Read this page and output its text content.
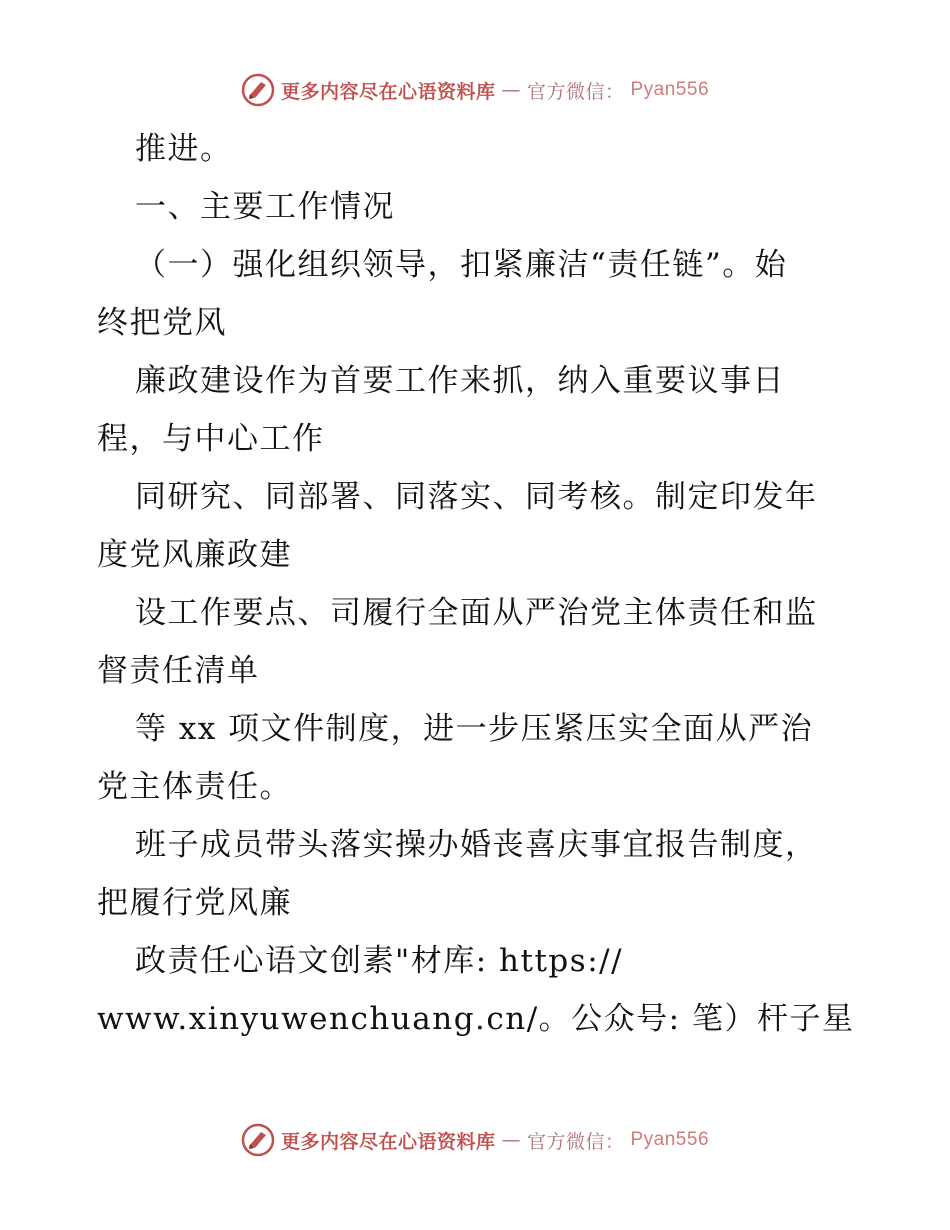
更多内容尽在心语资料库 — 官方微信： Pyan556
推进。
一、主要工作情况
（一）强化组织领导，扣紧廉洁“责任链”。始
终把党风
廉政建设作为首要工作来抓，纳入重要议事日
程，与中心工作
同研究、同部署、同落实、同考核。制定印发年
度党风廉政建
设工作要点、司履行全面从严治党主体责任和监
督责任清单
等 xx 项文件制度，进一步压紧压实全面从严治
党主体责任。
班子成员带头落实操办婚丧喜庆事宜报告制度，
把履行党风廉
政责任心语文创素"材库: https://
www.xinyuwenchuang.cn/。公众号: 笔）杆子星
更多内容尽在心语资料库 — 官方微信： Pyan556
